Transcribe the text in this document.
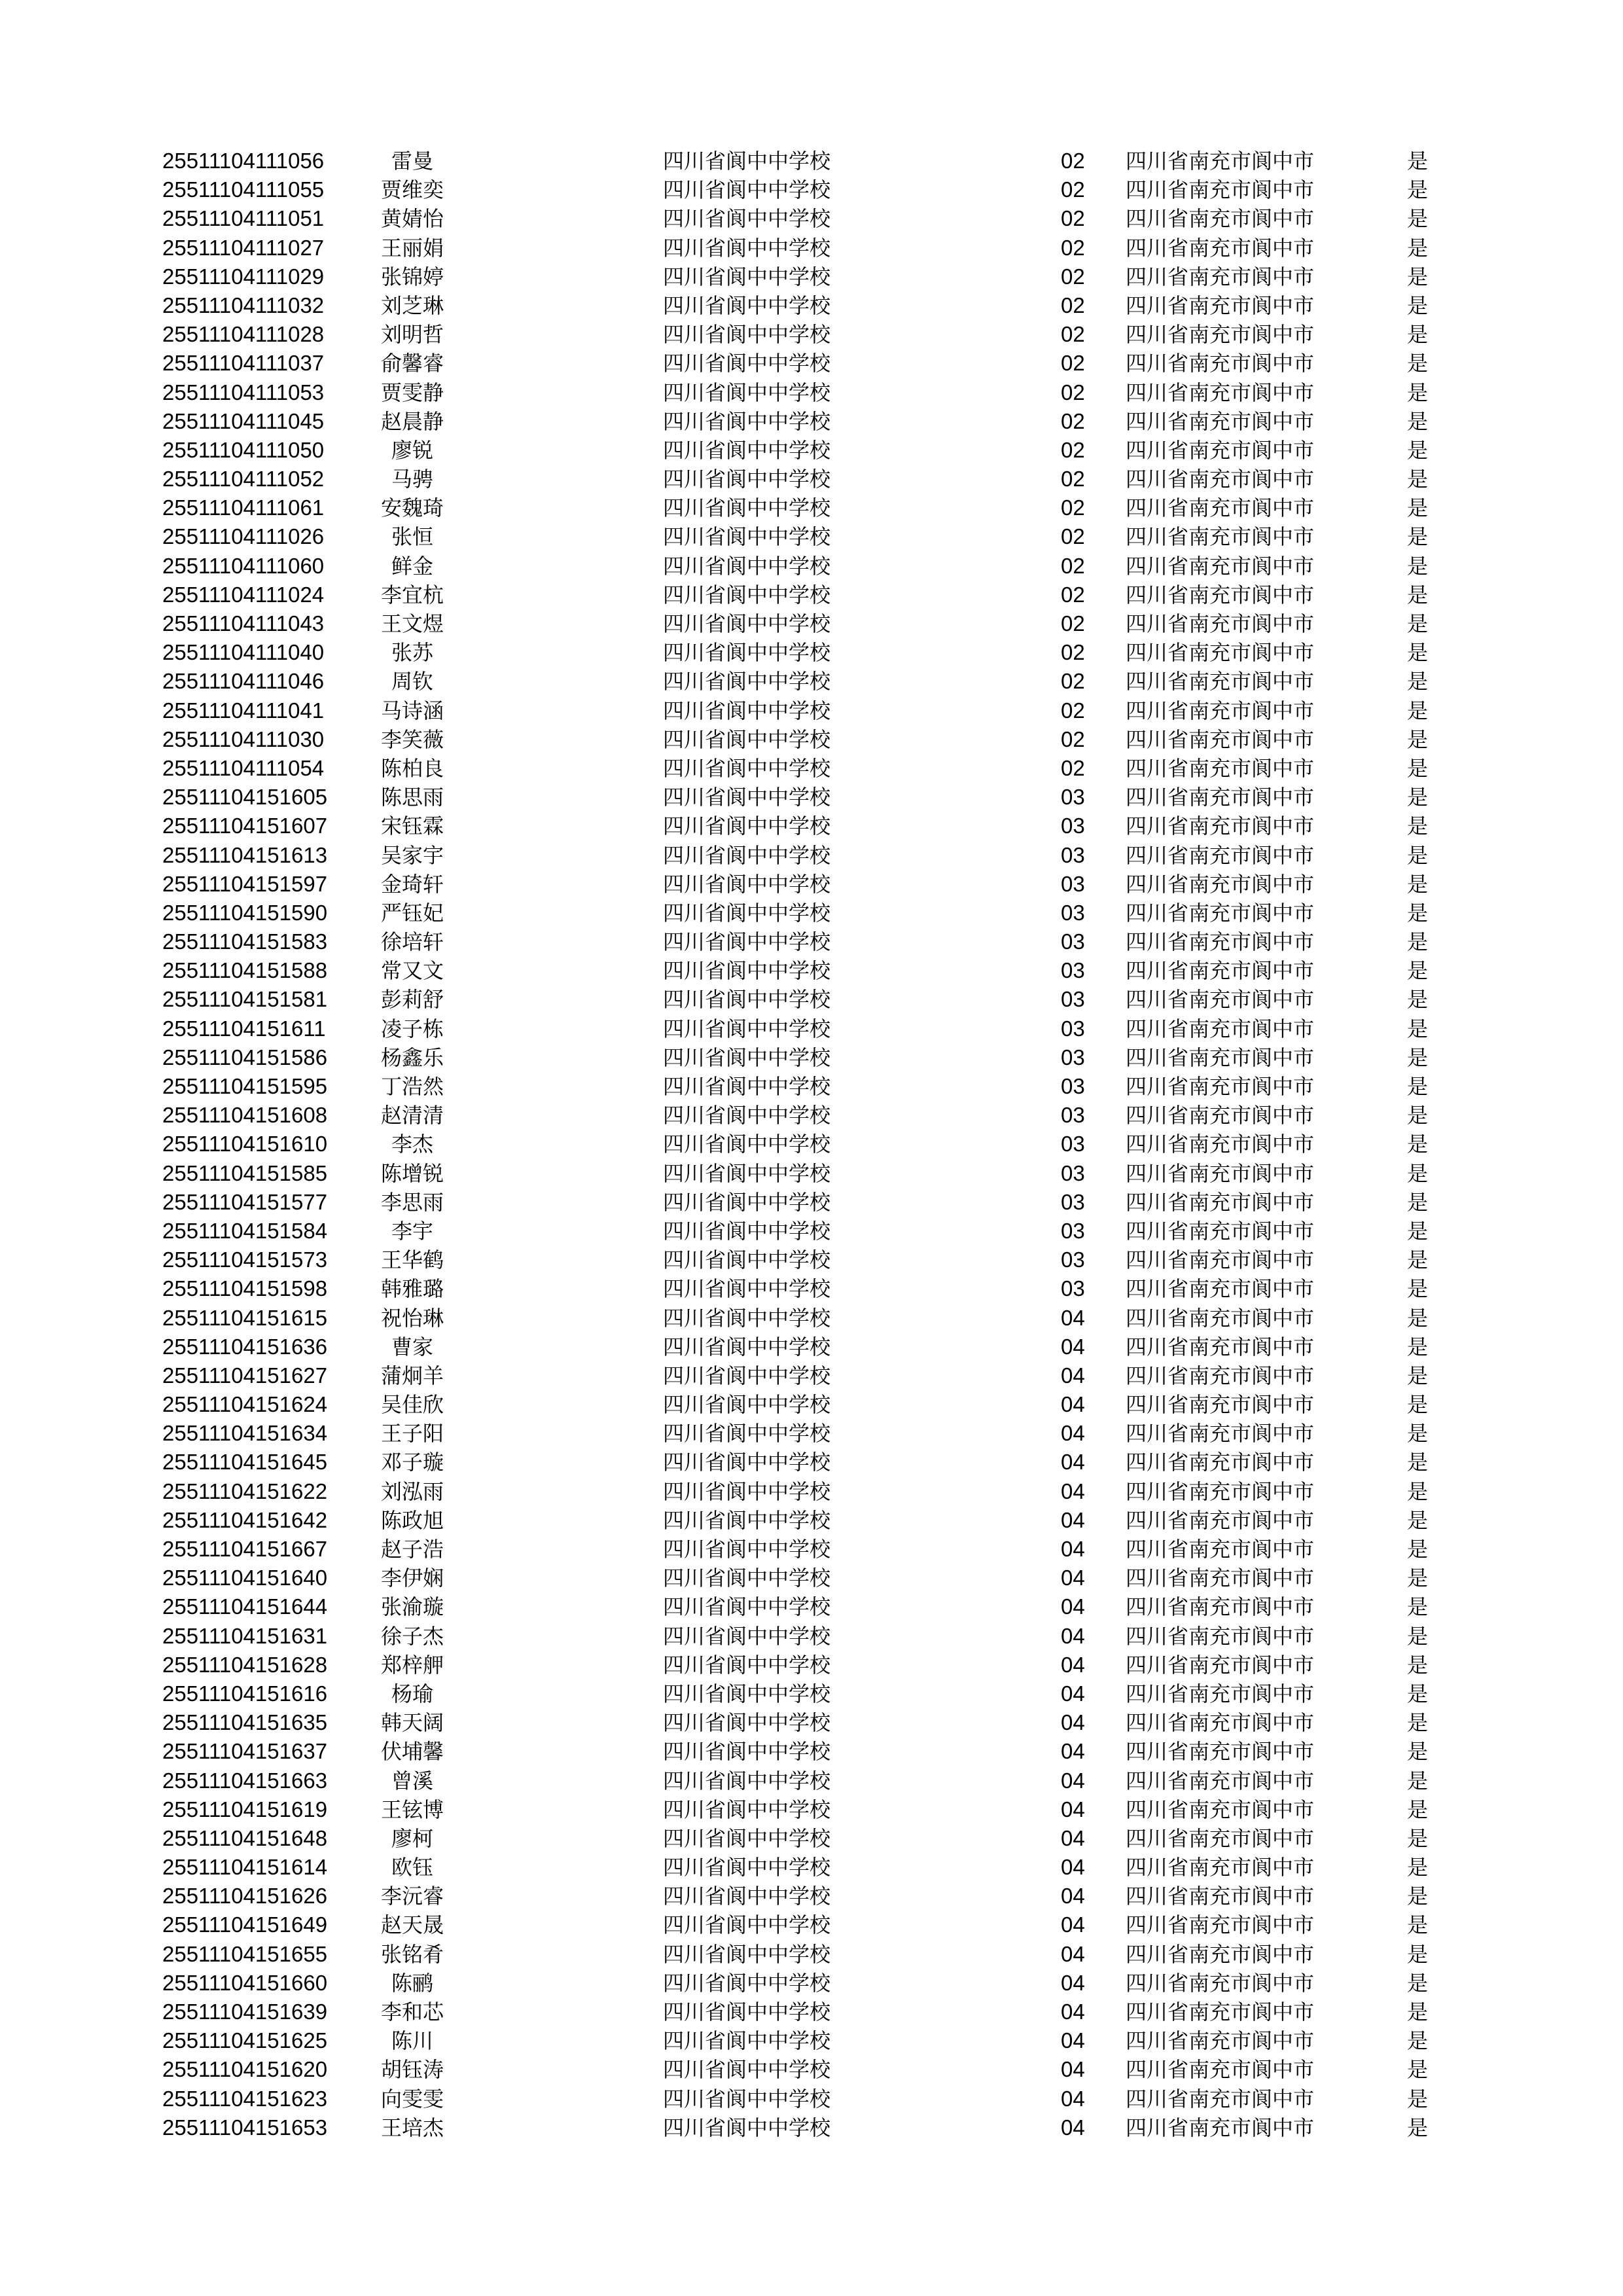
25511104111056	雷曼	四川省阆中中学校	02 四川省南充市阆中市	是
25511104111055	贾维奕	四川省阆中中学校	02 四川省南充市阆中市	是
25511104111051	黄婧怡	四川省阆中中学校	02 四川省南充市阆中市	是
25511104111027	王丽娟	四川省阆中中学校	02 四川省南充市阆中市	是
25511104111029	张锦婷	四川省阆中中学校	02 四川省南充市阆中市	是
25511104111032	刘芝琳	四川省阆中中学校	02 四川省南充市阆中市	是
25511104111028	刘明哲	四川省阆中中学校	02 四川省南充市阆中市	是
25511104111037	俞馨睿	四川省阆中中学校	02 四川省南充市阆中市	是
25511104111053	贾雯静	四川省阆中中学校	02 四川省南充市阆中市	是
25511104111045	赵晨静	四川省阆中中学校	02 四川省南充市阆中市	是
25511104111050	廖锐	四川省阆中中学校	02 四川省南充市阆中市	是
25511104111052	马骋	四川省阆中中学校	02 四川省南充市阆中市	是
25511104111061	安魏琦	四川省阆中中学校	02 四川省南充市阆中市	是
25511104111026	张恒	四川省阆中中学校	02 四川省南充市阆中市	是
25511104111060	鲜金	四川省阆中中学校	02 四川省南充市阆中市	是
25511104111024	李宜杭	四川省阆中中学校	02 四川省南充市阆中市	是
25511104111043	王文煜	四川省阆中中学校	02 四川省南充市阆中市	是
25511104111040	张苏	四川省阆中中学校	02 四川省南充市阆中市	是
25511104111046	周钦	四川省阆中中学校	02 四川省南充市阆中市	是
25511104111041	马诗涵	四川省阆中中学校	02 四川省南充市阆中市	是
25511104111030	李笑薇	四川省阆中中学校	02 四川省南充市阆中市	是
25511104111054	陈柏良	四川省阆中中学校	02 四川省南充市阆中市	是
25511104151605	陈思雨	四川省阆中中学校	03 四川省南充市阆中市	是
25511104151607	宋钰霖	四川省阆中中学校	03 四川省南充市阆中市	是
25511104151613	吴家宇	四川省阆中中学校	03 四川省南充市阆中市	是
25511104151597	金琦轩	四川省阆中中学校	03 四川省南充市阆中市	是
25511104151590	严钰妃	四川省阆中中学校	03 四川省南充市阆中市	是
25511104151583	徐培轩	四川省阆中中学校	03 四川省南充市阆中市	是
25511104151588	常又文	四川省阆中中学校	03 四川省南充市阆中市	是
25511104151581	彭莉舒	四川省阆中中学校	03 四川省南充市阆中市	是
25511104151611	凌子栋	四川省阆中中学校	03 四川省南充市阆中市	是
25511104151586	杨鑫乐	四川省阆中中学校	03 四川省南充市阆中市	是
25511104151595	丁浩然	四川省阆中中学校	03 四川省南充市阆中市	是
25511104151608	赵清清	四川省阆中中学校	03 四川省南充市阆中市	是
25511104151610	李杰	四川省阆中中学校	03 四川省南充市阆中市	是
25511104151585	陈增锐	四川省阆中中学校	03 四川省南充市阆中市	是
25511104151577	李思雨	四川省阆中中学校	03 四川省南充市阆中市	是
25511104151584	李宇	四川省阆中中学校	03 四川省南充市阆中市	是
25511104151573	王华鹤	四川省阆中中学校	03 四川省南充市阆中市	是
25511104151598	韩雅璐	四川省阆中中学校	03 四川省南充市阆中市	是
25511104151615	祝怡琳	四川省阆中中学校	04 四川省南充市阆中市	是
25511104151636	曹家	四川省阆中中学校	04 四川省南充市阆中市	是
25511104151627	蒲炯羊	四川省阆中中学校	04 四川省南充市阆中市	是
25511104151624	吴佳欣	四川省阆中中学校	04 四川省南充市阆中市	是
25511104151634	王子阳	四川省阆中中学校	04 四川省南充市阆中市	是
25511104151645	邓子璇	四川省阆中中学校	04 四川省南充市阆中市	是
25511104151622	刘泓雨	四川省阆中中学校	04 四川省南充市阆中市	是
25511104151642	陈政旭	四川省阆中中学校	04 四川省南充市阆中市	是
25511104151667	赵子浩	四川省阆中中学校	04 四川省南充市阆中市	是
25511104151640	李伊娴	四川省阆中中学校	04 四川省南充市阆中市	是
25511104151644	张渝璇	四川省阆中中学校	04 四川省南充市阆中市	是
25511104151631	徐子杰	四川省阆中中学校	04 四川省南充市阆中市	是
25511104151628	郑梓舺	四川省阆中中学校	04 四川省南充市阆中市	是
25511104151616	杨瑜	四川省阆中中学校	04 四川省南充市阆中市	是
25511104151635	韩天阔	四川省阆中中学校	04 四川省南充市阆中市	是
25511104151637	伏埔馨	四川省阆中中学校	04 四川省南充市阆中市	是
25511104151663	曾溪	四川省阆中中学校	04 四川省南充市阆中市	是
25511104151619	王铉博	四川省阆中中学校	04 四川省南充市阆中市	是
25511104151648	廖柯	四川省阆中中学校	04 四川省南充市阆中市	是
25511104151614	欧钰	四川省阆中中学校	04 四川省南充市阆中市	是
25511104151626	李沅睿	四川省阆中中学校	04 四川省南充市阆中市	是
25511104151649	赵天晟	四川省阆中中学校	04 四川省南充市阆中市	是
25511104151655	张铭肴	四川省阆中中学校	04 四川省南充市阆中市	是
25511104151660	陈鹂	四川省阆中中学校	04 四川省南充市阆中市	是
25511104151639	李和芯	四川省阆中中学校	04 四川省南充市阆中市	是
25511104151625	陈川	四川省阆中中学校	04 四川省南充市阆中市	是
25511104151620	胡钰涛	四川省阆中中学校	04 四川省南充市阆中市	是
25511104151623	向雯雯	四川省阆中中学校	04 四川省南充市阆中市	是
25511104151653	王培杰	四川省阆中中学校	04 四川省南充市阆中市	是
